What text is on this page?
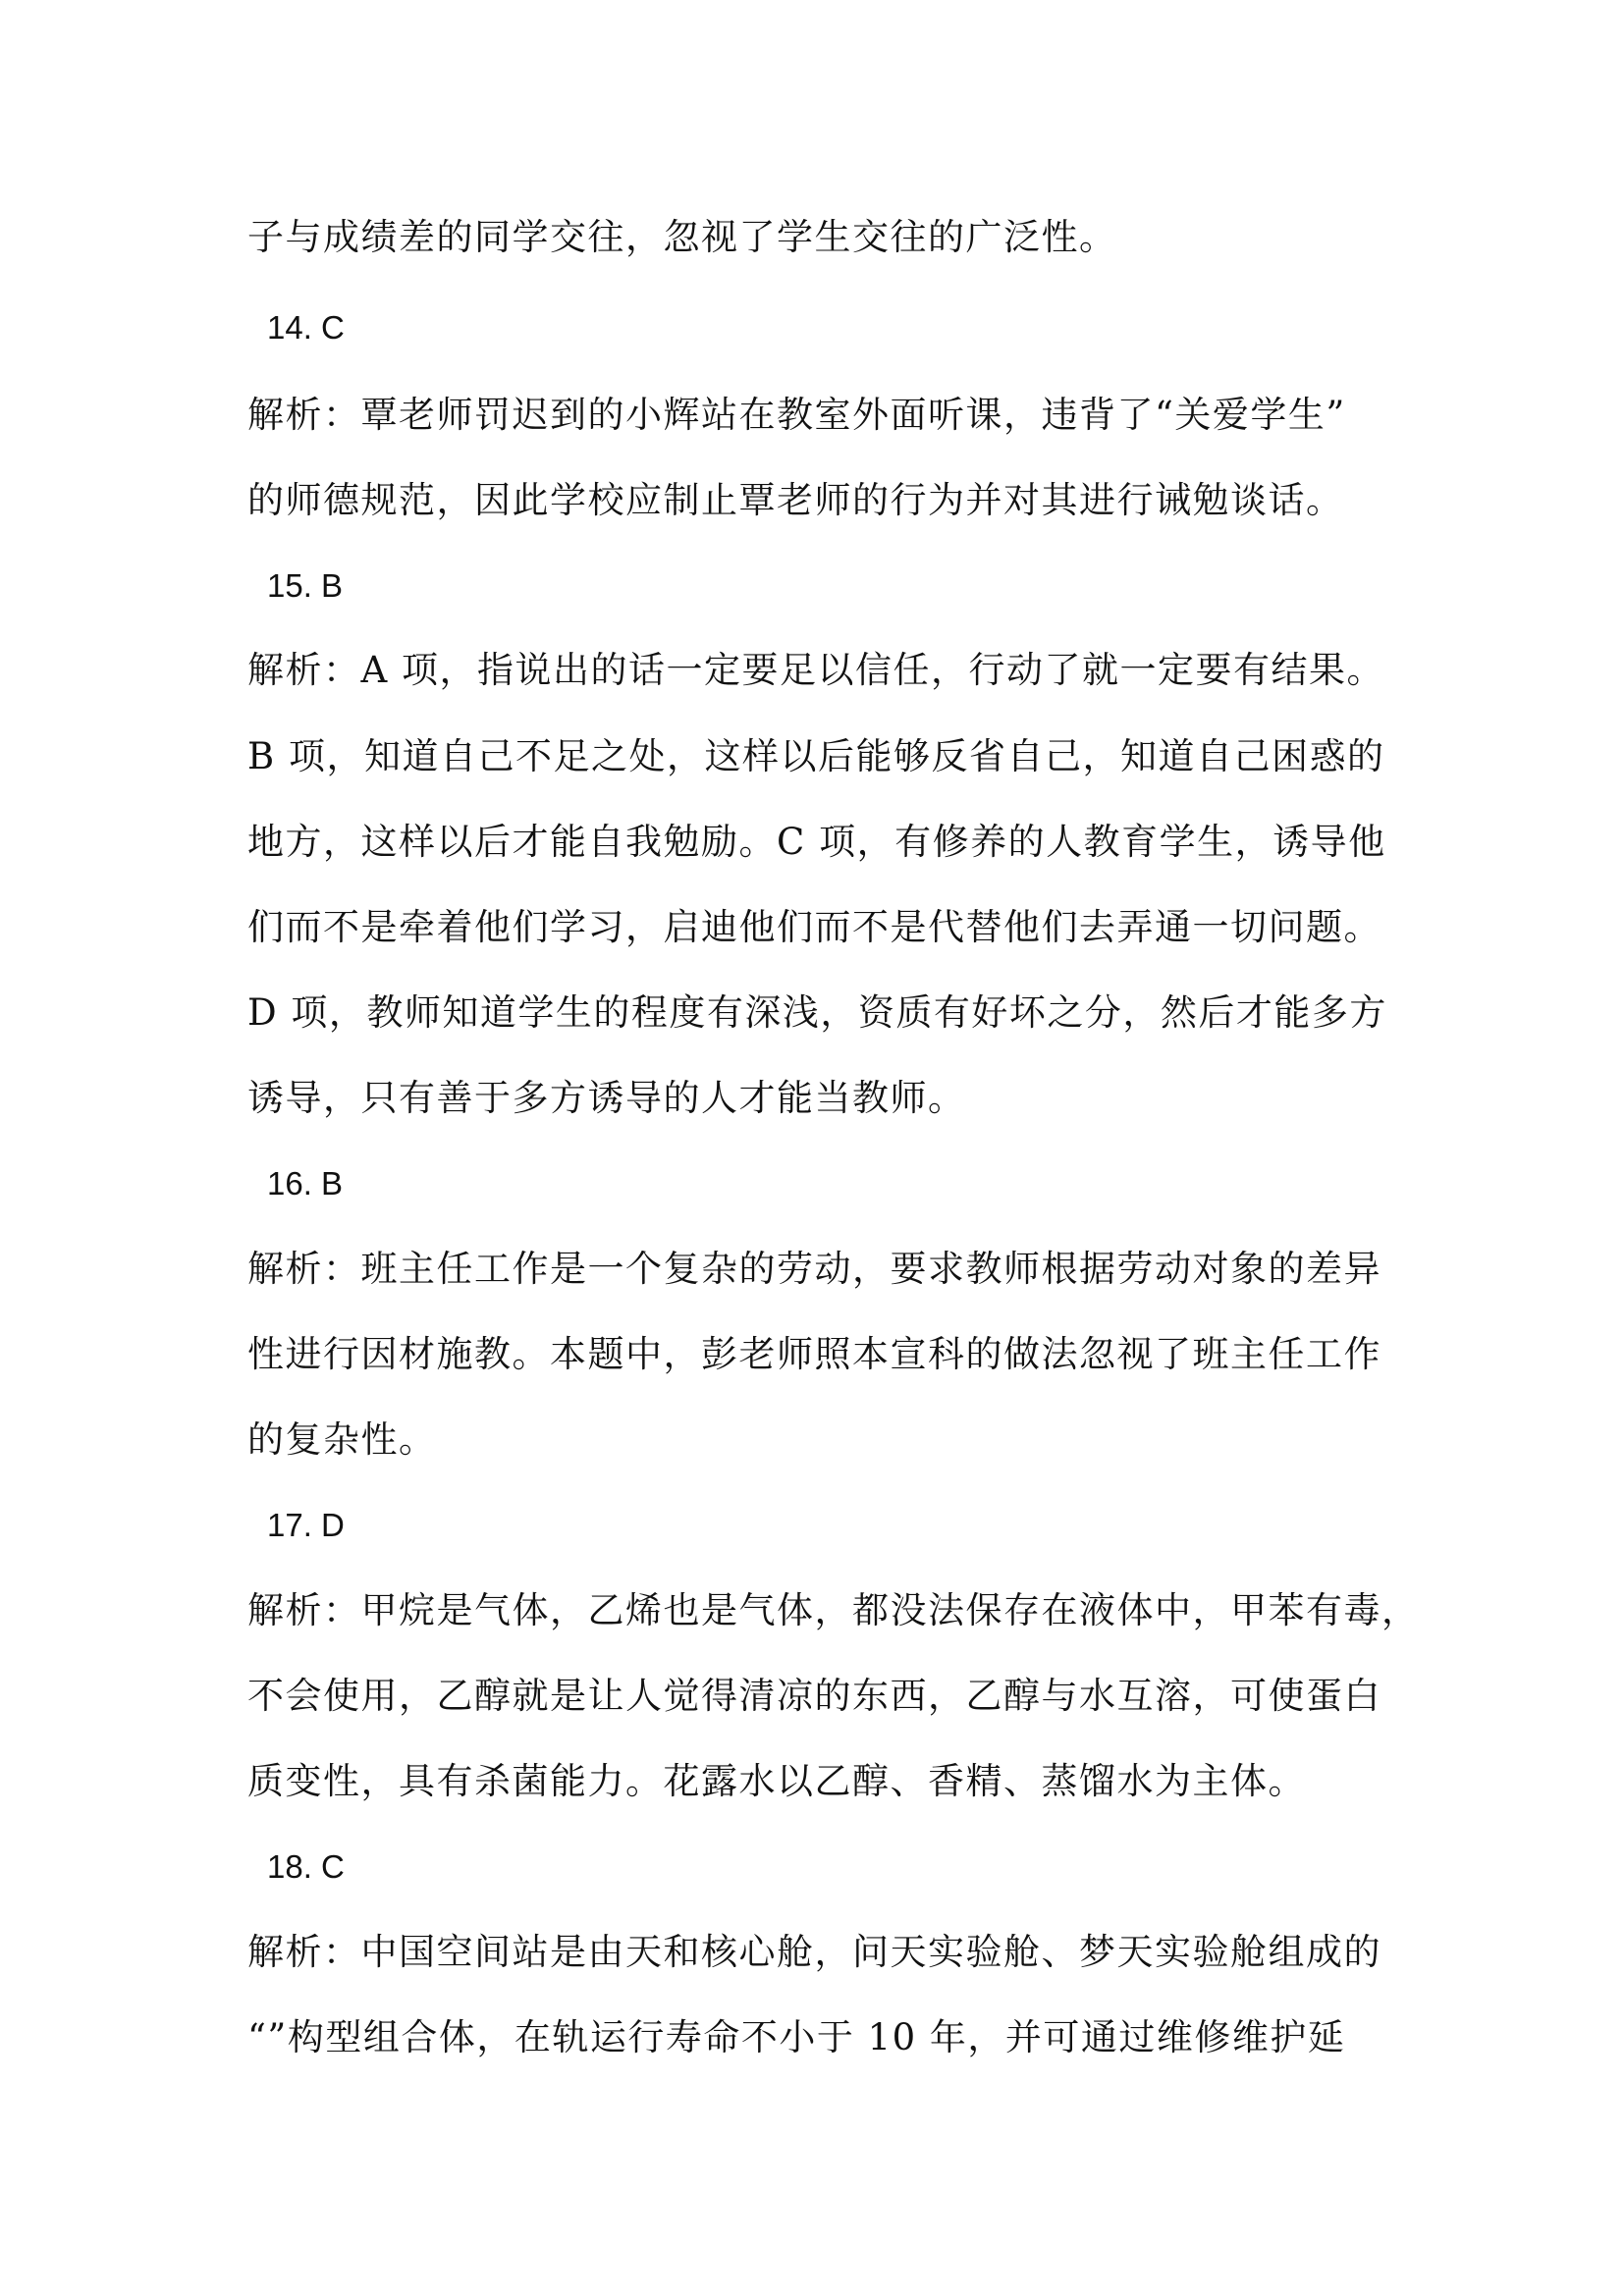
子与成绩差的同学交往，忽视了学生交往的广泛性。
14. C
解析：覃老师罚迟到的小辉站在教室外面听课，违背了“关爱学生”
的师德规范，因此学校应制止覃老师的行为并对其进行诫勉谈话。
15. B
解析：A 项，指说出的话一定要足以信任，行动了就一定要有结果。
B 项，知道自己不足之处，这样以后能够反省自己，知道自己困惑的
地方，这样以后才能自我勉励。C 项，有修养的人教育学生，诱导他
们而不是牵着他们学习，启迪他们而不是代替他们去弄通一切问题。
D 项，教师知道学生的程度有深浅，资质有好坏之分，然后才能多方
诱导，只有善于多方诱导的人才能当教师。
16. B
解析：班主任工作是一个复杂的劳动，要求教师根据劳动对象的差异
性进行因材施教。本题中，彭老师照本宣科的做法忽视了班主任工作
的复杂性。
17. D
解析：甲烷是气体，乙烯也是气体，都没法保存在液体中，甲苯有毒，
不会使用，乙醇就是让人觉得清凉的东西，乙醇与水互溶，可使蛋白
质变性，具有杀菌能力。花露水以乙醇、香精、蒸馏水为主体。
18. C
解析：中国空间站是由天和核心舱，问天实验舱、梦天实验舱组成的
“”构型组合体，在轨运行寿命不小于 10 年，并可通过维修维护延
